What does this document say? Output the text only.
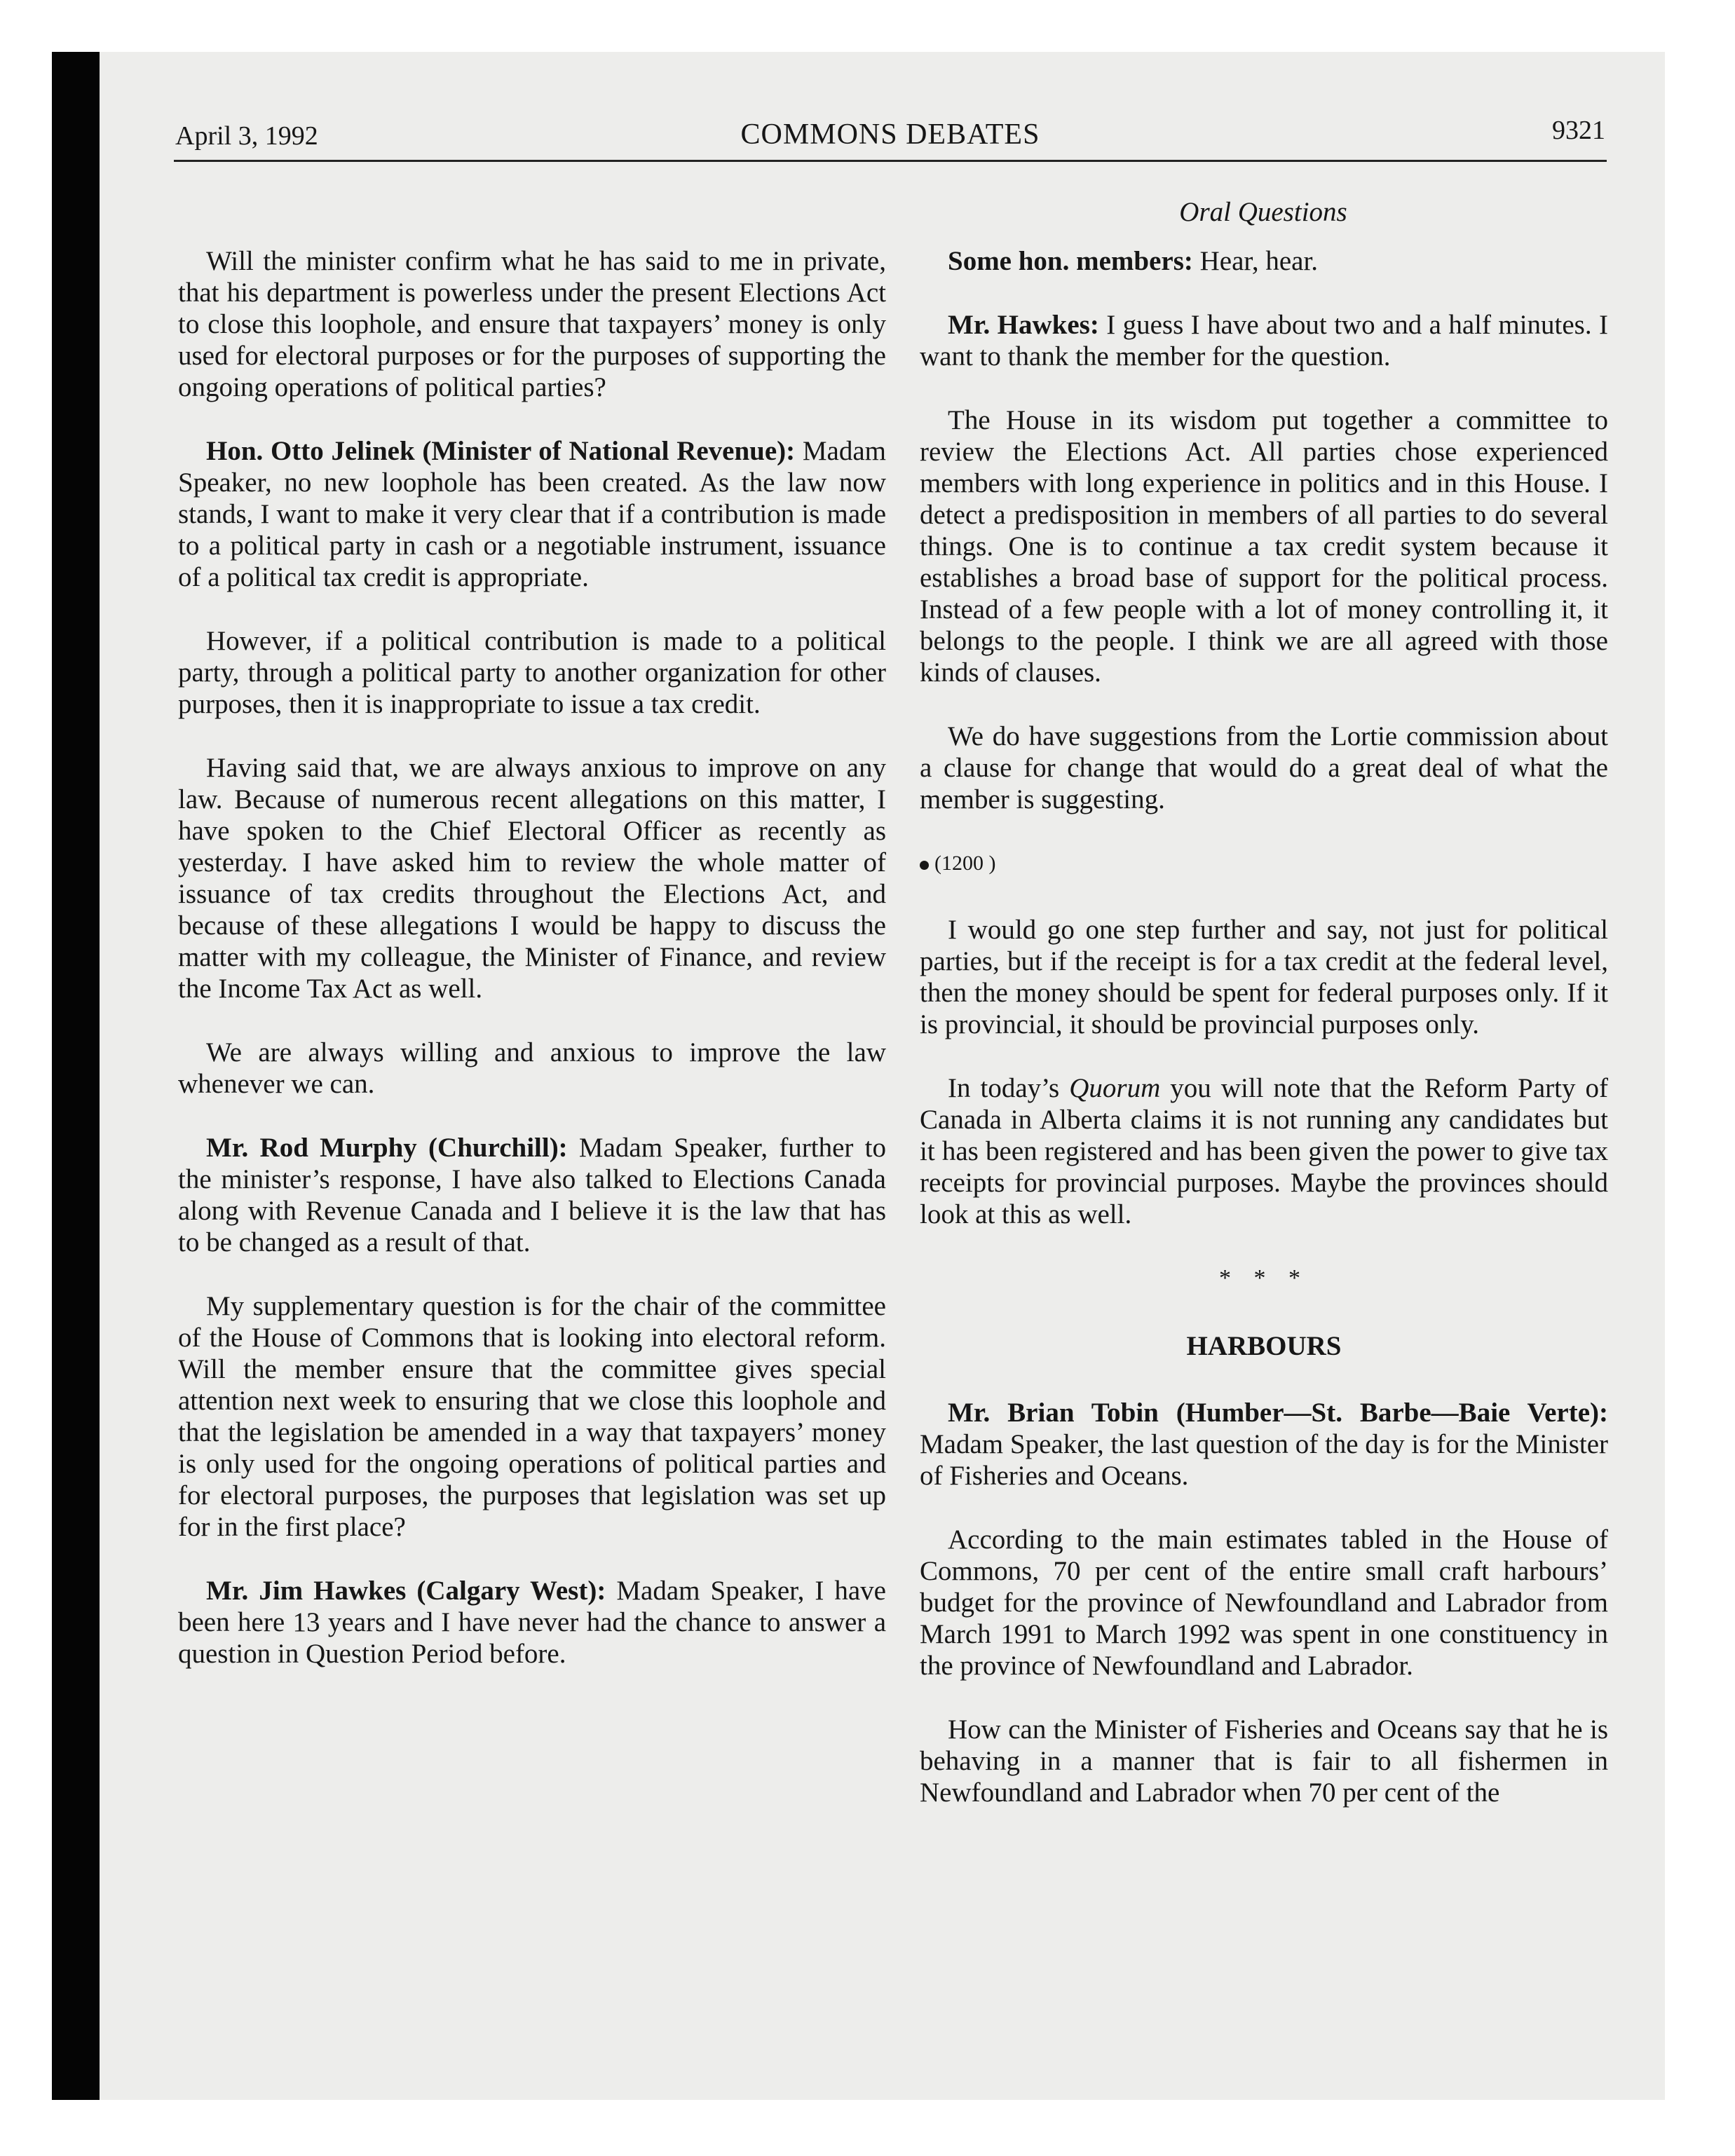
April 3, 1992	COMMONS DEBATES	9321
Oral Questions

Will the minister confirm what he has said to me in private, that his department is powerless under the present Elections Act to close this loophole, and ensure that taxpayers’ money is only used for electoral purposes or for the purposes of supporting the ongoing operations of political parties?

Hon. Otto Jelinek (Minister of National Revenue): Madam Speaker, no new loophole has been created. As the law now stands, I want to make it very clear that if a contribution is made to a political party in cash or a negotiable instrument, issuance of a political tax credit is appropriate.

However, if a political contribution is made to a political party, through a political party to another organization for other purposes, then it is inappropriate to issue a tax credit.

Having said that, we are always anxious to improve on any law. Because of numerous recent allegations on this matter, I have spoken to the Chief Electoral Officer as recently as yesterday. I have asked him to review the whole matter of issuance of tax credits throughout the Elections Act, and because of these allegations I would be happy to discuss the matter with my colleague, the Minister of Finance, and review the Income Tax Act as well.

We are always willing and anxious to improve the law whenever we can.

Mr. Rod Murphy (Churchill): Madam Speaker, further to the minister’s response, I have also talked to Elections Canada along with Revenue Canada and I believe it is the law that has to be changed as a result of that.

My supplementary question is for the chair of the committee of the House of Commons that is looking into electoral reform. Will the member ensure that the committee gives special attention next week to ensuring that we close this loophole and that the legislation be amended in a way that taxpayers’ money is only used for the ongoing operations of political parties and for electoral purposes, the purposes that legislation was set up for in the first place?

Mr. Jim Hawkes (Calgary West): Madam Speaker, I have been here 13 years and I have never had the chance to answer a question in Question Period before.

Some hon. members: Hear, hear.

Mr. Hawkes: I guess I have about two and a half minutes. I want to thank the member for the question.

The House in its wisdom put together a committee to review the Elections Act. All parties chose experienced members with long experience in politics and in this House. I detect a predisposition in members of all parties to do several things. One is to continue a tax credit system because it establishes a broad base of support for the political process. Instead of a few people with a lot of money controlling it, it belongs to the people. I think we are all agreed with those kinds of clauses.

We do have suggestions from the Lortie commission about a clause for change that would do a great deal of what the member is suggesting.

(1200 )

I would go one step further and say, not just for political parties, but if the receipt is for a tax credit at the federal level, then the money should be spent for federal purposes only. If it is provincial, it should be provincial purposes only.

In today’s Quorum you will note that the Reform Party of Canada in Alberta claims it is not running any candidates but it has been registered and has been given the power to give tax receipts for provincial purposes. Maybe the provinces should look at this as well.

* * *
HARBOURS

Mr. Brian Tobin (Humber—St. Barbe—Baie Verte): Madam Speaker, the last question of the day is for the Minister of Fisheries and Oceans.

According to the main estimates tabled in the House of Commons, 70 per cent of the entire small craft harbours’ budget for the province of Newfoundland and Labrador from March 1991 to March 1992 was spent in one constituency in the province of Newfoundland and Labrador.

How can the Minister of Fisheries and Oceans say that he is behaving in a manner that is fair to all fishermen in Newfoundland and Labrador when 70 per cent of the
